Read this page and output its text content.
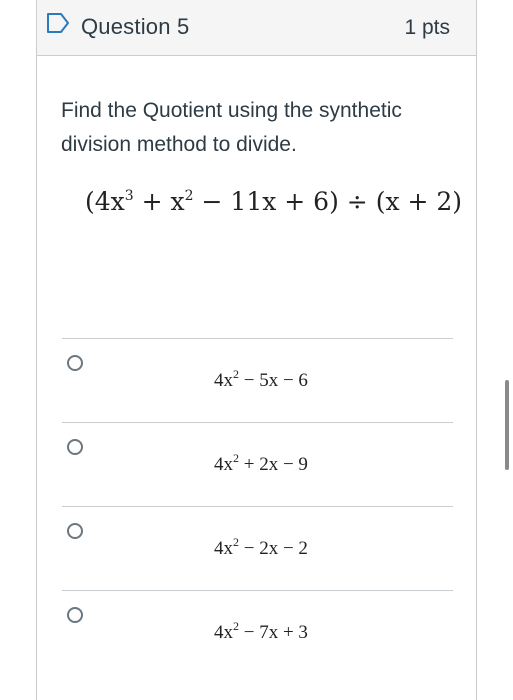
Question 5	1 pts
Find the Quotient using the synthetic division method to divide.
$(4x^3 + x^2 - 11x + 6) \div (x + 2)$
$4x^2 - 5x - 6$
$4x^2 + 2x - 9$
$4x^2 - 2x - 2$
$4x^2 - 7x + 3$
